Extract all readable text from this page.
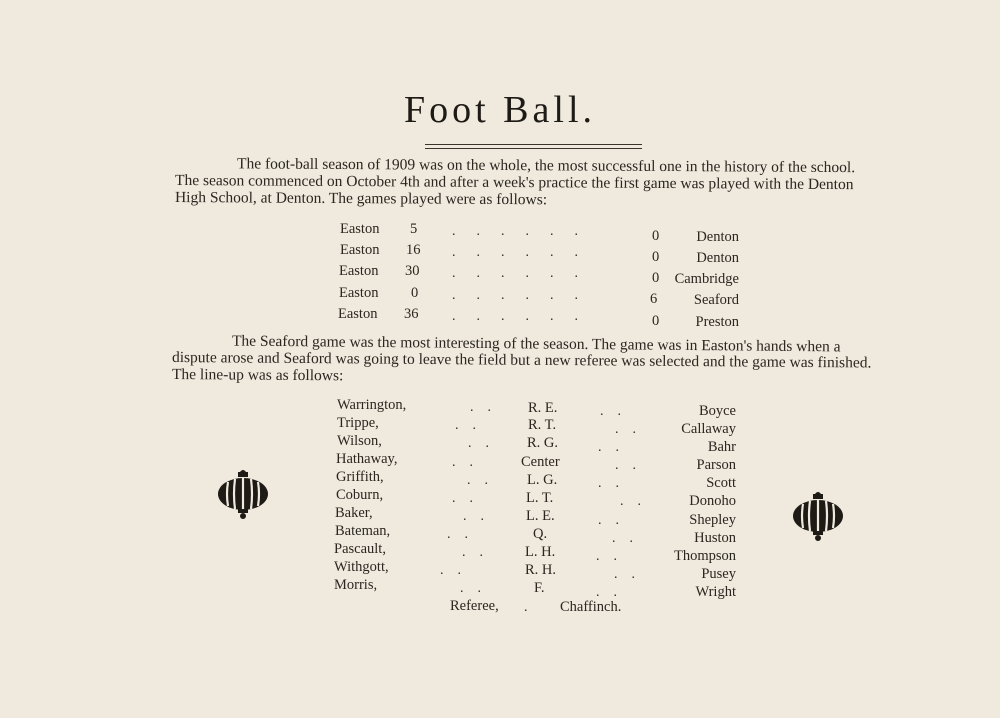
Foot Ball.
The foot-ball season of 1909 was on the whole, the most successful one in the history of the school.
The season commenced on October 4th and after a week's practice the first game was played with the Denton
High School, at Denton. The games played were as follows:
Easton 5 .      .      .      .      .      .	0	Denton
Easton 16 .      .      .      .      .      .	0	Denton
Easton 30 .      .      .      .      .      .	0	Cambridge
Easton 0 .      .      .      .      .      .	6	Seaford
Easton 36 .      .      .      .      .      .	0	Preston
The Seaford game was the most interesting of the season. The game was in Easton's hands when a
dispute arose and Seaford was going to leave the field but a new referee was selected and the game was finished.
The line-up was as follows:
Warrington,	.    .	R. E.	.    .	Boyce
Trippe,	.    .	R. T.	.    .	Callaway
Wilson,	.    .	R. G.	.    .	Bahr
Hathaway,	.    .	Center	.    .	Parson
Griffith,	.    .	L. G.	.    .	Scott
Coburn,	.    .	L. T.	.    .	Donoho
Baker,	.    .	L. E.	.    .	Shepley
Bateman,	.    .	Q.	.    .	Huston
Pascault,	.    .	L. H.	.    .	Thompson
Withgott,	.    .	R. H.	.    .	Pusey
Morris,	.    .	F.	.    .	Wright
Referee, . Chaffinch.
